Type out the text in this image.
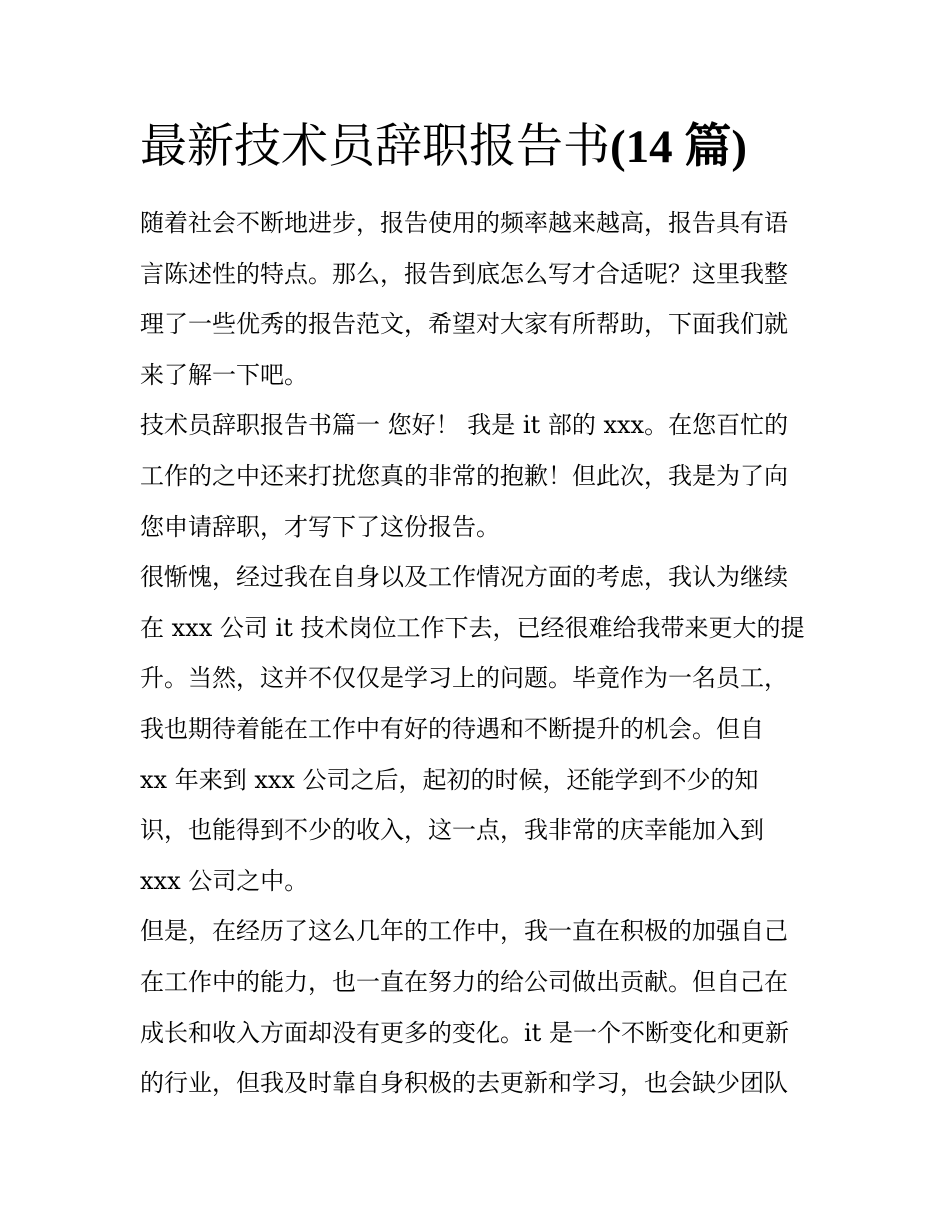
最新技术员辞职报告书(14 篇)
随着社会不断地进步，报告使用的频率越来越高，报告具有语
言陈述性的特点。那么，报告到底怎么写才合适呢？这里我整
理了一些优秀的报告范文，希望对大家有所帮助，下面我们就
来了解一下吧。
技术员辞职报告书篇一 您好！ 我是 it 部的 xxx。在您百忙的
工作的之中还来打扰您真的非常的抱歉！但此次，我是为了向
您申请辞职，才写下了这份报告。
很惭愧，经过我在自身以及工作情况方面的考虑，我认为继续
在 xxx 公司 it 技术岗位工作下去，已经很难给我带来更大的提
升。当然，这并不仅仅是学习上的问题。毕竟作为一名员工，
我也期待着能在工作中有好的待遇和不断提升的机会。但自
xx 年来到 xxx 公司之后，起初的时候，还能学到不少的知
识，也能得到不少的收入，这一点，我非常的庆幸能加入到
xxx 公司之中。
但是，在经历了这么几年的工作中，我一直在积极的加强自己
在工作中的能力，也一直在努力的给公司做出贡献。但自己在
成长和收入方面却没有更多的变化。it 是一个不断变化和更新
的行业，但我及时靠自身积极的去更新和学习，也会缺少团队
